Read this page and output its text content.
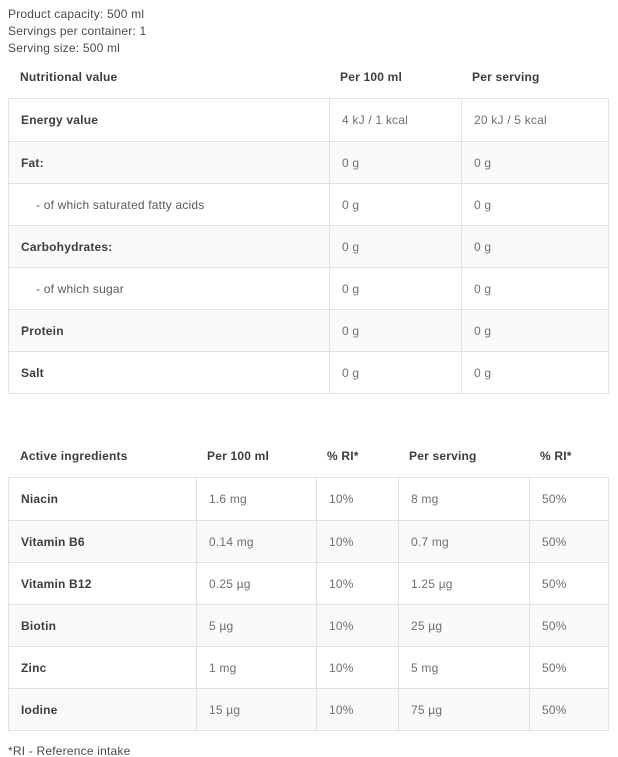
Product capacity: 500 ml
Servings per container: 1
Serving size: 500 ml
Nutritional value	Per 100 ml	Per serving
Energy value	4 kJ / 1 kcal	20 kJ / 5 kcal
Fat:	0 g	0 g
- of which saturated fatty acids	0 g	0 g
Carbohydrates:	0 g	0 g
- of which sugar	0 g	0 g
Protein	0 g	0 g
Salt	0 g	0 g
Active ingredients	Per 100 ml	% RI*	Per serving	% RI*
Niacin	1.6 mg	10%	8 mg	50%
Vitamin B6	0.14 mg	10%	0.7 mg	50%
Vitamin B12	0.25 µg	10%	1.25 µg	50%
Biotin	5 µg	10%	25 µg	50%
Zinc	1 mg	10%	5 mg	50%
Iodine	15 µg	10%	75 µg	50%
*RI - Reference intake
